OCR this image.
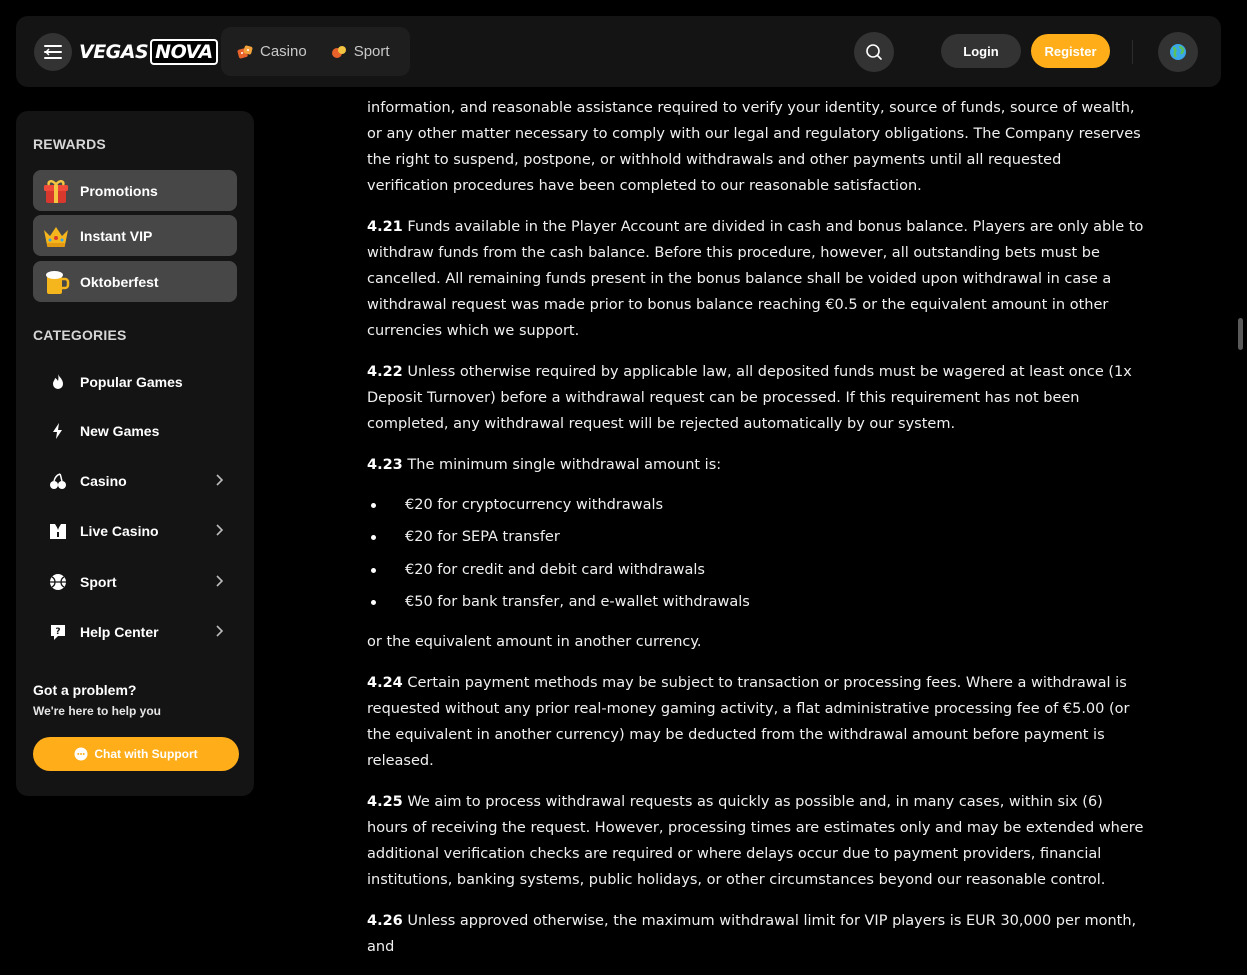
VEGAS NOVA	Casino	Sport	Login	Register
REWARDS
Promotions
Instant VIP
Oktoberfest
CATEGORIES
Popular Games
New Games
Casino
Live Casino
Sport
? Help Center
Got a problem?
We're here to help you
Chat with Support

information, and reasonable assistance required to verify your identity, source of funds, source of wealth, or any other matter necessary to comply with our legal and regulatory obligations. The Company reserves the right to suspend, postpone, or withhold withdrawals and other payments until all requested verification procedures have been completed to our reasonable satisfaction.

4.21 Funds available in the Player Account are divided in cash and bonus balance. Players are only able to withdraw funds from the cash balance. Before this procedure, however, all outstanding bets must be cancelled. All remaining funds present in the bonus balance shall be voided upon withdrawal in case a withdrawal request was made prior to bonus balance reaching €0.5 or the equivalent amount in other currencies which we support.

4.22 Unless otherwise required by applicable law, all deposited funds must be wagered at least once (1x Deposit Turnover) before a withdrawal request can be processed. If this requirement has not been completed, any withdrawal request will be rejected automatically by our system.

4.23 The minimum single withdrawal amount is:

€20 for cryptocurrency withdrawals
€20 for SEPA transfer
€20 for credit and debit card withdrawals
€50 for bank transfer, and e-wallet withdrawals

or the equivalent amount in another currency.

4.24 Certain payment methods may be subject to transaction or processing fees. Where a withdrawal is requested without any prior real-money gaming activity, a flat administrative processing fee of €5.00 (or the equivalent in another currency) may be deducted from the withdrawal amount before payment is released.

4.25 We aim to process withdrawal requests as quickly as possible and, in many cases, within six (6) hours of receiving the request. However, processing times are estimates only and may be extended where additional verification checks are required or where delays occur due to payment providers, financial institutions, banking systems, public holidays, or other circumstances beyond our reasonable control.

4.26 Unless approved otherwise, the maximum withdrawal limit for VIP players is EUR 30,000 per month, and
